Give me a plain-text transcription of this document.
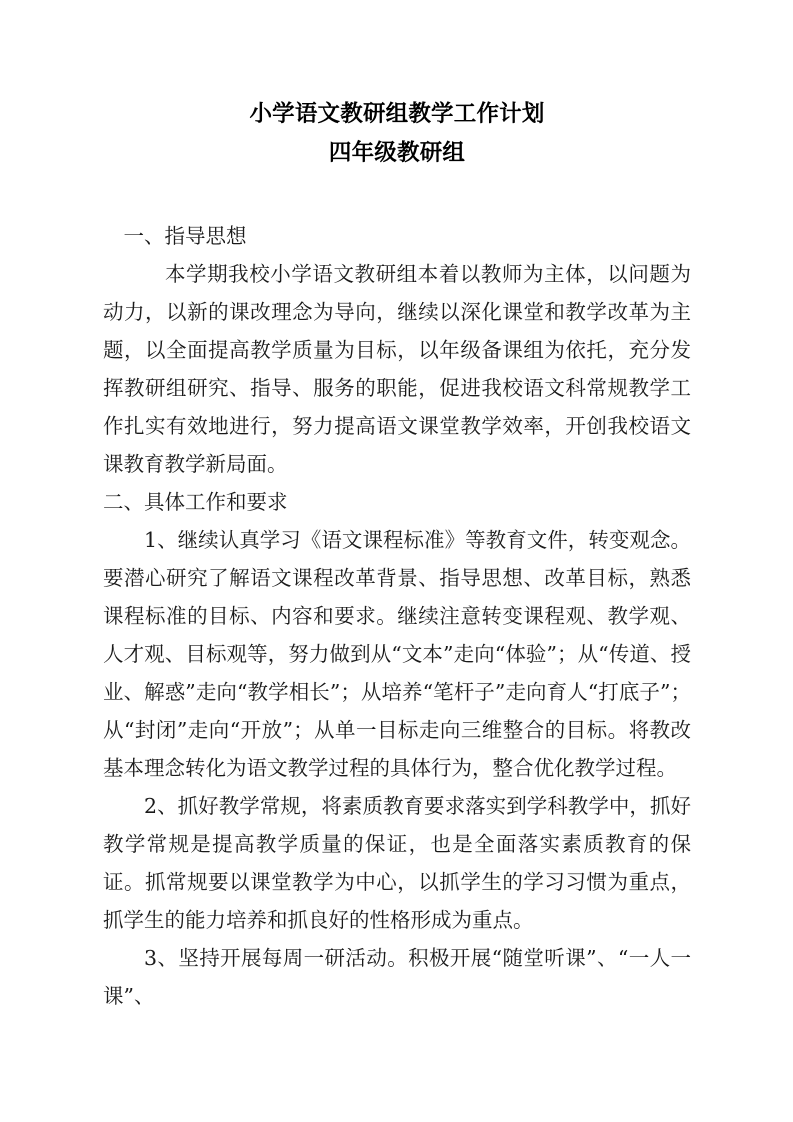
小学语文教研组教学工作计划
四年级教研组

一、指导思想

本学期我校小学语文教研组本着以教师为主体，以问题为动力，以新的课改理念为导向，继续以深化课堂和教学改革为主题，以全面提高教学质量为目标，以年级备课组为依托，充分发挥教研组研究、指导、服务的职能，促进我校语文科常规教学工作扎实有效地进行，努力提高语文课堂教学效率，开创我校语文课教育教学新局面。

二、具体工作和要求

1、继续认真学习《语文课程标准》等教育文件，转变观念。要潜心研究了解语文课程改革背景、指导思想、改革目标，熟悉课程标准的目标、内容和要求。继续注意转变课程观、教学观、人才观、目标观等，努力做到从“文本”走向“体验”；从“传道、授业、解惑”走向“教学相长”；从培养“笔杆子”走向育人“打底子”；从“封闭”走向“开放”；从单一目标走向三维整合的目标。将教改基本理念转化为语文教学过程的具体行为，整合优化教学过程。

2、抓好教学常规，将素质教育要求落实到学科教学中，抓好教学常规是提高教学质量的保证，也是全面落实素质教育的保证。抓常规要以课堂教学为中心，以抓学生的学习习惯为重点，抓学生的能力培养和抓良好的性格形成为重点。

3、坚持开展每周一研活动。积极开展“随堂听课”、“一人一课”、
